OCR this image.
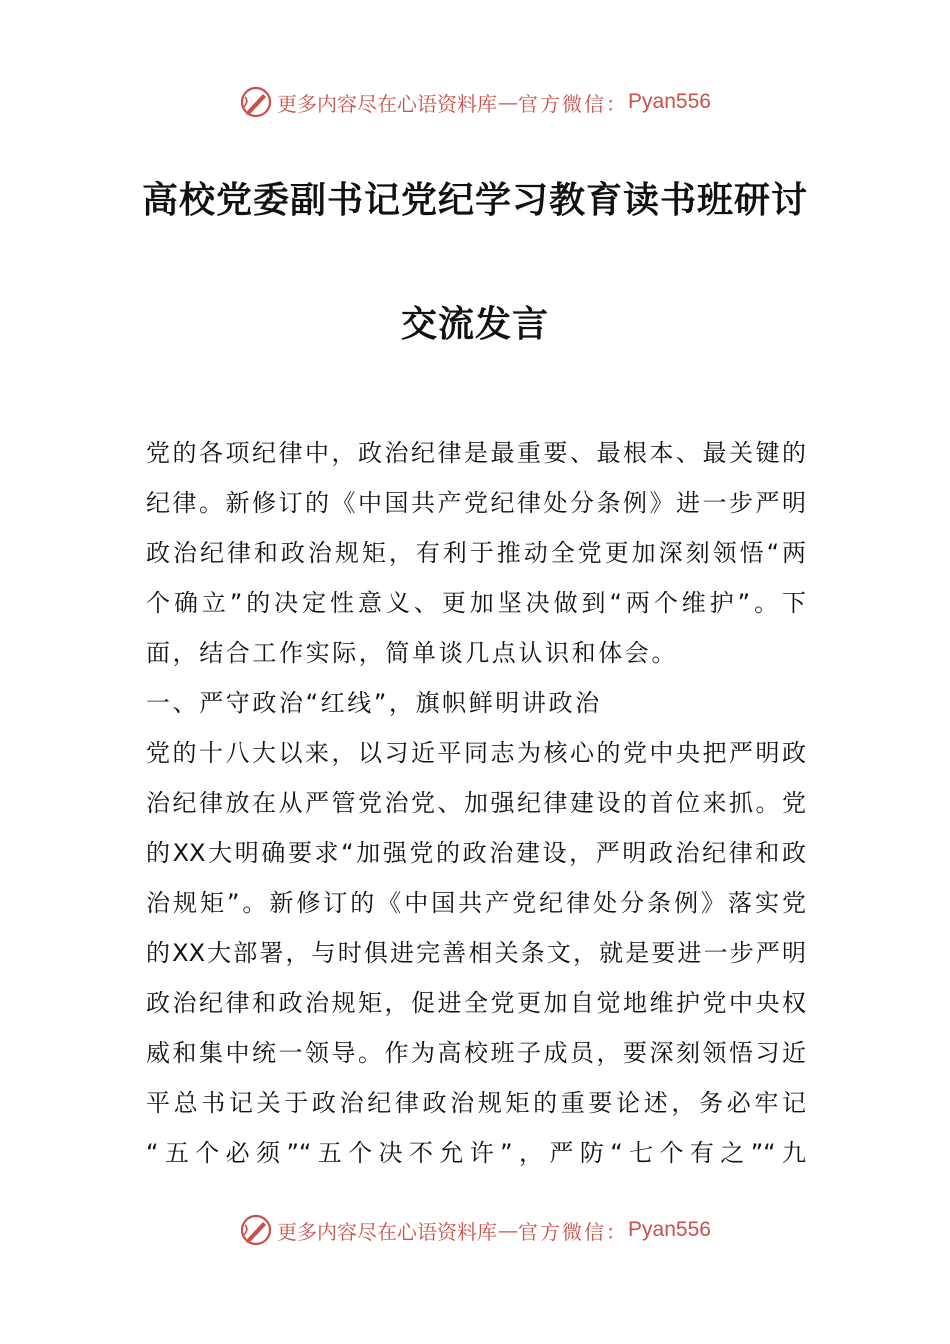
更多内容尽在心语资料库 — 官方微信： Pyan556
高校党委副书记党纪学习教育读书班研讨
交流发言
党的各项纪律中，政治纪律是最重要、最根本、最关键的
纪律。新修订的《中国共产党纪律处分条例》进一步严明
政治纪律和政治规矩，有利于推动全党更加深刻领悟“两
个确立”的决定性意义、更加坚决做到“两个维护”。下
面，结合工作实际，简单谈几点认识和体会。
一、严守政治“红线”，旗帜鲜明讲政治
党的十八大以来，以习近平同志为核心的党中央把严明政
治纪律放在从严管党治党、加强纪律建设的首位来抓。党
的XX大明确要求“加强党的政治建设，严明政治纪律和政
治规矩”。新修订的《中国共产党纪律处分条例》落实党
的XX大部署，与时俱进完善相关条文，就是要进一步严明
政治纪律和政治规矩，促进全党更加自觉地维护党中央权
威和集中统一领导。作为高校班子成员，要深刻领悟习近
平总书记关于政治纪律政治规矩的重要论述，务必牢记
“五个必须”“五个决不允许”，严防“七个有之”“九
更多内容尽在心语资料库 — 官方微信： Pyan556
